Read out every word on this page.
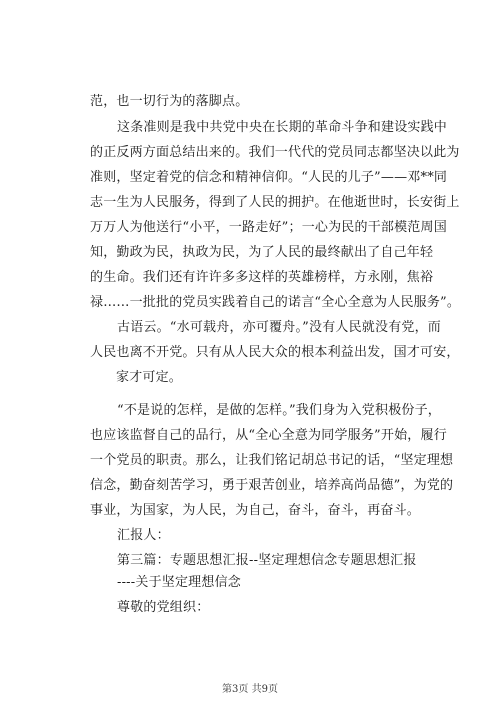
范，也一切行为的落脚点。
这条准则是我中共党中央在长期的革命斗争和建设实践中
的正反两方面总结出来的。我们一代代的党员同志都坚决以此为
准则，坚定着党的信念和精神信仰。“人民的儿子”——邓**同
志一生为人民服务，得到了人民的拥护。在他逝世时，长安街上
万万人为他送行“小平，一路走好”；一心为民的干部模范周国
知，勤政为民，执政为民，为了人民的最终献出了自己年轻
的生命。我们还有许许多多这样的英雄榜样，方永刚，焦裕
禄……一批批的党员实践着自己的诺言“全心全意为人民服务”。
古语云。“水可载舟，亦可覆舟。”没有人民就没有党，而
人民也离不开党。只有从人民大众的根本利益出发，国才可安，
家才可定。
“不是说的怎样，是做的怎样。”我们身为入党积极份子，
也应该监督自己的品行，从“全心全意为同学服务”开始，履行
一个党员的职责。那么，让我们铭记胡总书记的话，“坚定理想
信念，勤奋刻苦学习，勇于艰苦创业，培养高尚品德”，为党的
事业，为国家，为人民，为自己，奋斗，奋斗，再奋斗。
汇报人：
第三篇：专题思想汇报--坚定理想信念专题思想汇报
----关于坚定理想信念
尊敬的党组织：
第3页 共9页
